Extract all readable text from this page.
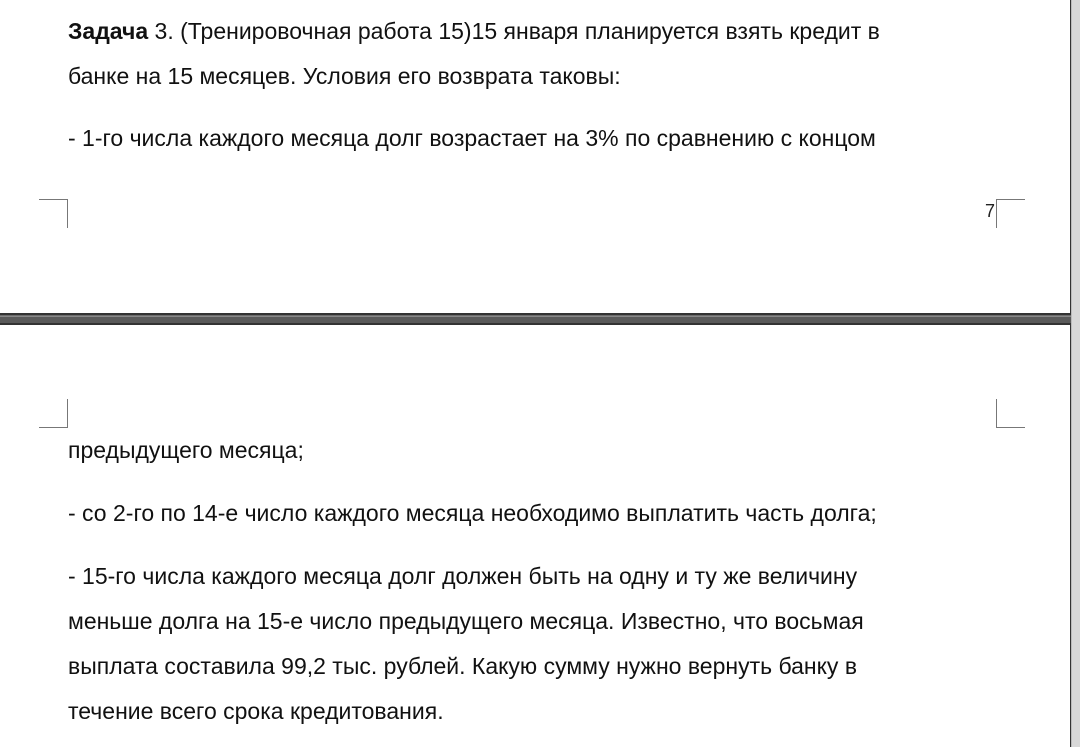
Задача 3. (Тренировочная работа 15)15 января планируется взять кредит в
банке на 15 месяцев. Условия его возврата таковы:
- 1-го числа каждого месяца долг возрастает на 3% по сравнению с концом
7
предыдущего месяца;
- со 2-го по 14-е число каждого месяца необходимо выплатить часть долга;
- 15-го числа каждого месяца долг должен быть на одну и ту же величину
меньше долга на 15-е число предыдущего месяца. Известно, что восьмая
выплата составила 99,2 тыс. рублей. Какую сумму нужно вернуть банку в
течение всего срока кредитования.
